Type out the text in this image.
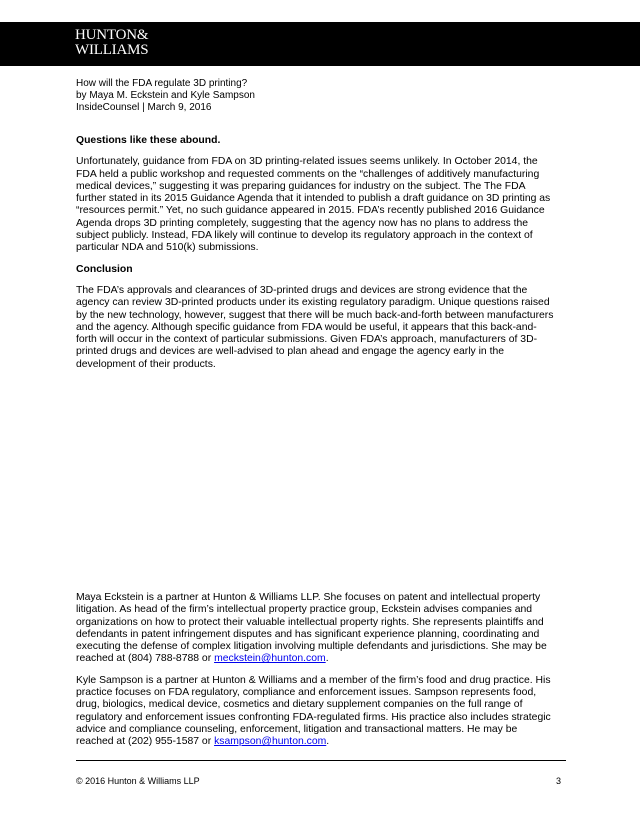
HUNTON&
WILLIAMS
How will the FDA regulate 3D printing?
by Maya M. Eckstein and Kyle Sampson
InsideCounsel | March 9, 2016
Questions like these abound.
Unfortunately, guidance from FDA on 3D printing-related issues seems unlikely. In October 2014, the FDA held a public workshop and requested comments on the “challenges of additively manufacturing medical devices,” suggesting it was preparing guidances for industry on the subject. The The FDA further stated in its 2015 Guidance Agenda that it intended to publish a draft guidance on 3D printing as “resources permit.” Yet, no such guidance appeared in 2015. FDA’s recently published 2016 Guidance Agenda drops 3D printing completely, suggesting that the agency now has no plans to address the subject publicly. Instead, FDA likely will continue to develop its regulatory approach in the context of particular NDA and 510(k) submissions.
Conclusion
The FDA’s approvals and clearances of 3D-printed drugs and devices are strong evidence that the agency can review 3D-printed products under its existing regulatory paradigm. Unique questions raised by the new technology, however, suggest that there will be much back-and-forth between manufacturers and the agency. Although specific guidance from FDA would be useful, it appears that this back-and-forth will occur in the context of particular submissions. Given FDA’s approach, manufacturers of 3D-printed drugs and devices are well-advised to plan ahead and engage the agency early in the development of their products.
Maya Eckstein is a partner at Hunton & Williams LLP. She focuses on patent and intellectual property litigation. As head of the firm’s intellectual property practice group, Eckstein advises companies and organizations on how to protect their valuable intellectual property rights. She represents plaintiffs and defendants in patent infringement disputes and has significant experience planning, coordinating and executing the defense of complex litigation involving multiple defendants and jurisdictions. She may be reached at (804) 788-8788 or meckstein@hunton.com.
Kyle Sampson is a partner at Hunton & Williams and a member of the firm’s food and drug practice. His practice focuses on FDA regulatory, compliance and enforcement issues. Sampson represents food, drug, biologics, medical device, cosmetics and dietary supplement companies on the full range of regulatory and enforcement issues confronting FDA-regulated firms. His practice also includes strategic advice and compliance counseling, enforcement, litigation and transactional matters. He may be reached at (202) 955-1587 or ksampson@hunton.com.
© 2016 Hunton & Williams LLP	3
